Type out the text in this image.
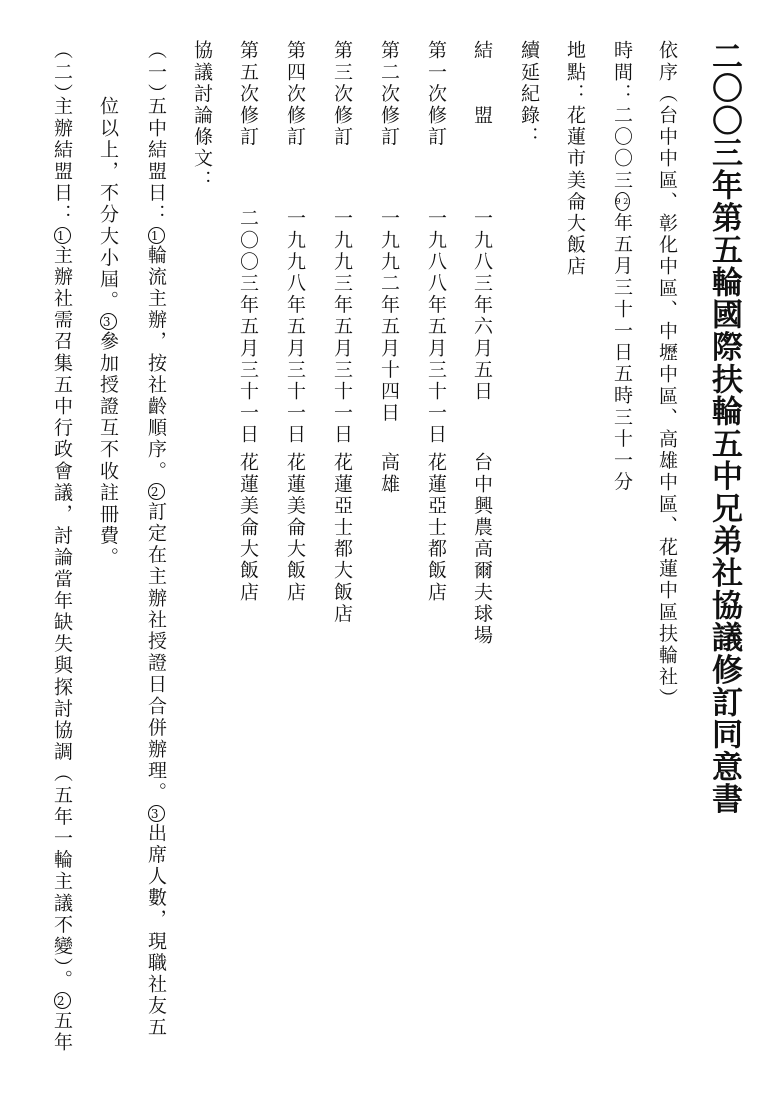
二〇〇三年第五輪國際扶輪五中兄弟社協議修訂同意書
依序（台中中區、彰化中區、中壢中區、高雄中區、花蓮中區扶輪社）
時間：二〇〇三92年五月三十一日五時三十一分
地點：花蓮市美侖大飯店
續延紀錄：
結　　盟
一九八三年六月五日
台中興農高爾夫球場
第一次修訂
一九八八年五月三十一日
花蓮亞士都飯店
第二次修訂
一九九二年五月十四日
高雄
第三次修訂
一九九三年五月三十一日
花蓮亞士都大飯店
第四次修訂
一九九八年五月三十一日
花蓮美侖大飯店
第五次修訂
二〇〇三年五月三十一日
花蓮美侖大飯店
協議討論條文：
（一）
五中結盟日：1輪流主辦，按社齡順序。2訂定在主辦社授證日合併辦理。3出席人數，現職社友五
位以上，不分大小屆。3參加授證互不收註冊費。
（二）
主辦結盟日：1主辦社需召集五中行政會議，討論當年缺失與探討協調（五年一輪主議不變）。2五年
